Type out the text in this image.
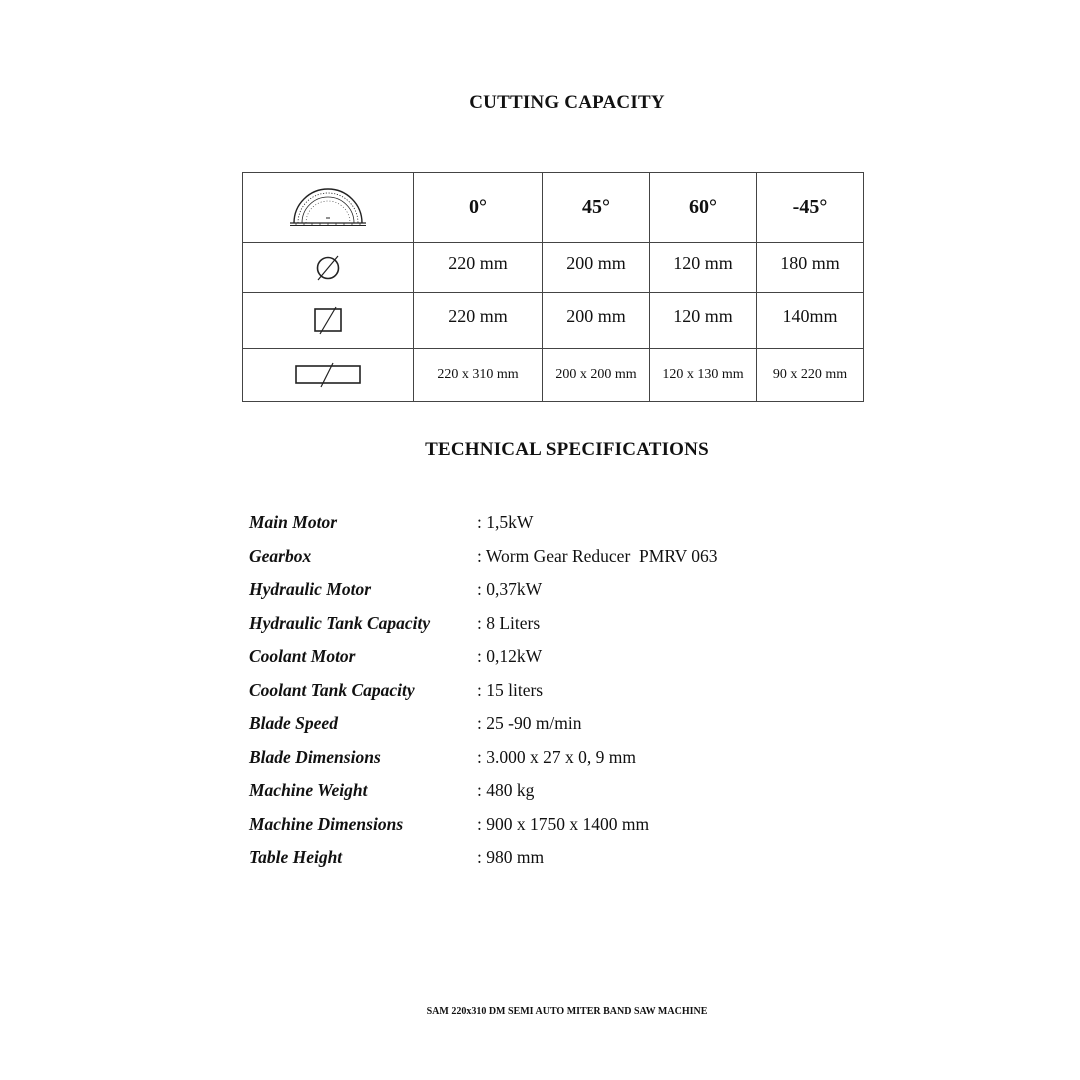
CUTTING CAPACITY
	0°	45°	60°	-45°
	220 mm	200 mm	120 mm	180 mm
	220 mm	200 mm	120 mm	140mm
	220 x 310 mm	200 x 200 mm	120 x 130 mm	90 x 220 mm
TECHNICAL SPECIFICATIONS
Main Motor	: 1,5kW
Gearbox	: Worm Gear Reducer  PMRV 063
Hydraulic Motor	: 0,37kW
Hydraulic Tank Capacity	: 8 Liters
Coolant Motor	: 0,12kW
Coolant Tank Capacity	: 15 liters
Blade Speed	: 25 -90 m/min
Blade Dimensions	: 3.000 x 27 x 0, 9 mm
Machine Weight	: 480 kg
Machine Dimensions	: 900 x 1750 x 1400 mm
Table Height	: 980 mm
SAM 220x310 DM SEMI AUTO MITER BAND SAW MACHINE
